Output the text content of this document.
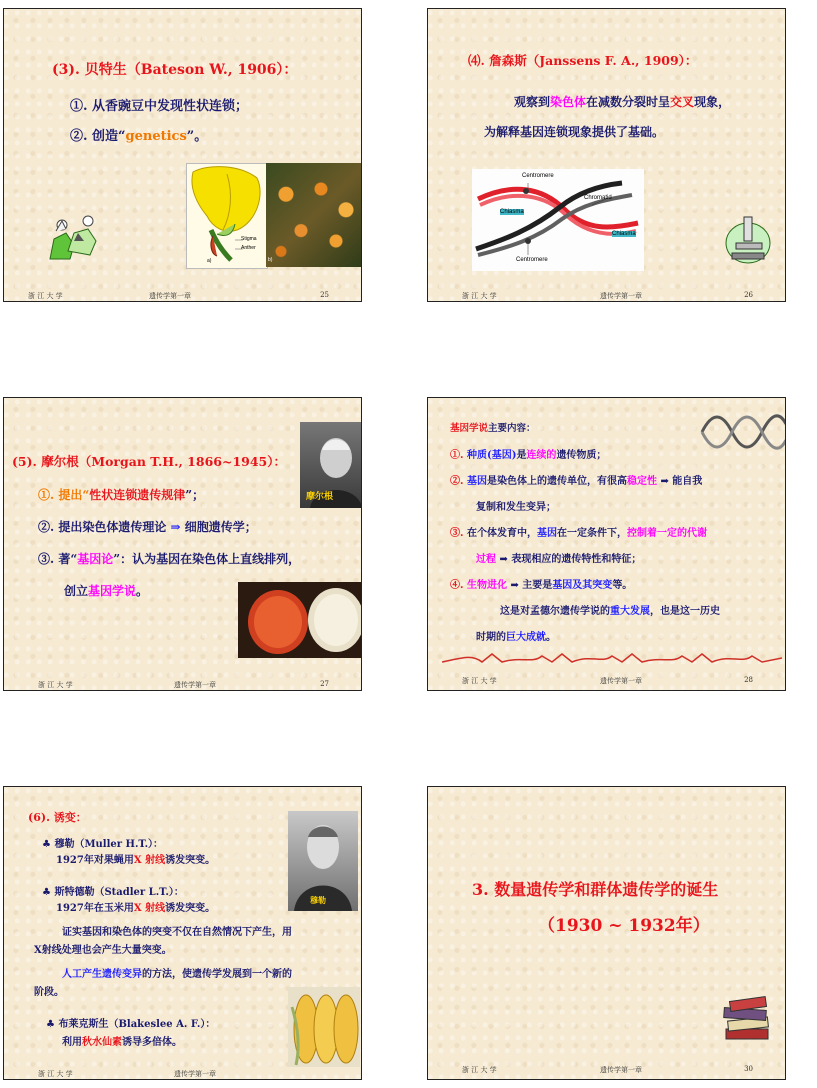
(3). 贝特生（Bateson W., 1906）：
①. 从香豌豆中发现性状连锁；
②. 创造“genetics”。
Stigma
Anther
a)	b)
浙 江 大 学	遗传学第一章	25
⑷. 詹森斯（Janssens F. A., 1909）：
观察到染色体在减数分裂时呈交叉现象，
为解释基因连锁现象提供了基础。
Centromere
Chromatid
Chiasma
Chiasma
Centromere
浙 江 大 学	遗传学第一章	26
(5). 摩尔根（Morgan T.H., 1866~1945）：
摩尔根
①. 提出“性状连锁遗传规律”；
②. 提出染色体遗传理论 ⇒ 细胞遗传学；
③. 著“基因论”：认为基因在染色体上直线排列，
创立基因学说。
浙 江 大 学	遗传学第一章	27
基因学说主要内容：
①. 种质(基因)是连续的遗传物质；
②. 基因是染色体上的遗传单位，有很高稳定性 ➡ 能自我
复制和发生变异；
③. 在个体发育中，基因在一定条件下，控制着一定的代谢
过程 ➡ 表现相应的遗传特性和特征；
④. 生物进化 ➡ 主要是基因及其突变等。
这是对孟德尔遗传学说的重大发展，也是这一历史
时期的巨大成就。
浙 江 大 学	遗传学第一章	28
(6). 诱变：
♣ 穆勒（Muller H.T.）：
1927年对果蝇用X 射线诱发突变。
♣ 斯特德勒（Stadler L.T.）：
1927年在玉米用X 射线诱发突变。
穆勒
证实基因和染色体的突变不仅在自然情况下产生，用
X射线处理也会产生大量突变。
人工产生遗传变异的方法，使遗传学发展到一个新的
阶段。
♣ 布莱克斯生（Blakeslee A. F.）：
利用秋水仙素诱导多倍体。
浙 江 大 学	遗传学第一章
3. 数量遗传学和群体遗传学的诞生
（1930 ~ 1932年）
浙 江 大 学	遗传学第一章	30
